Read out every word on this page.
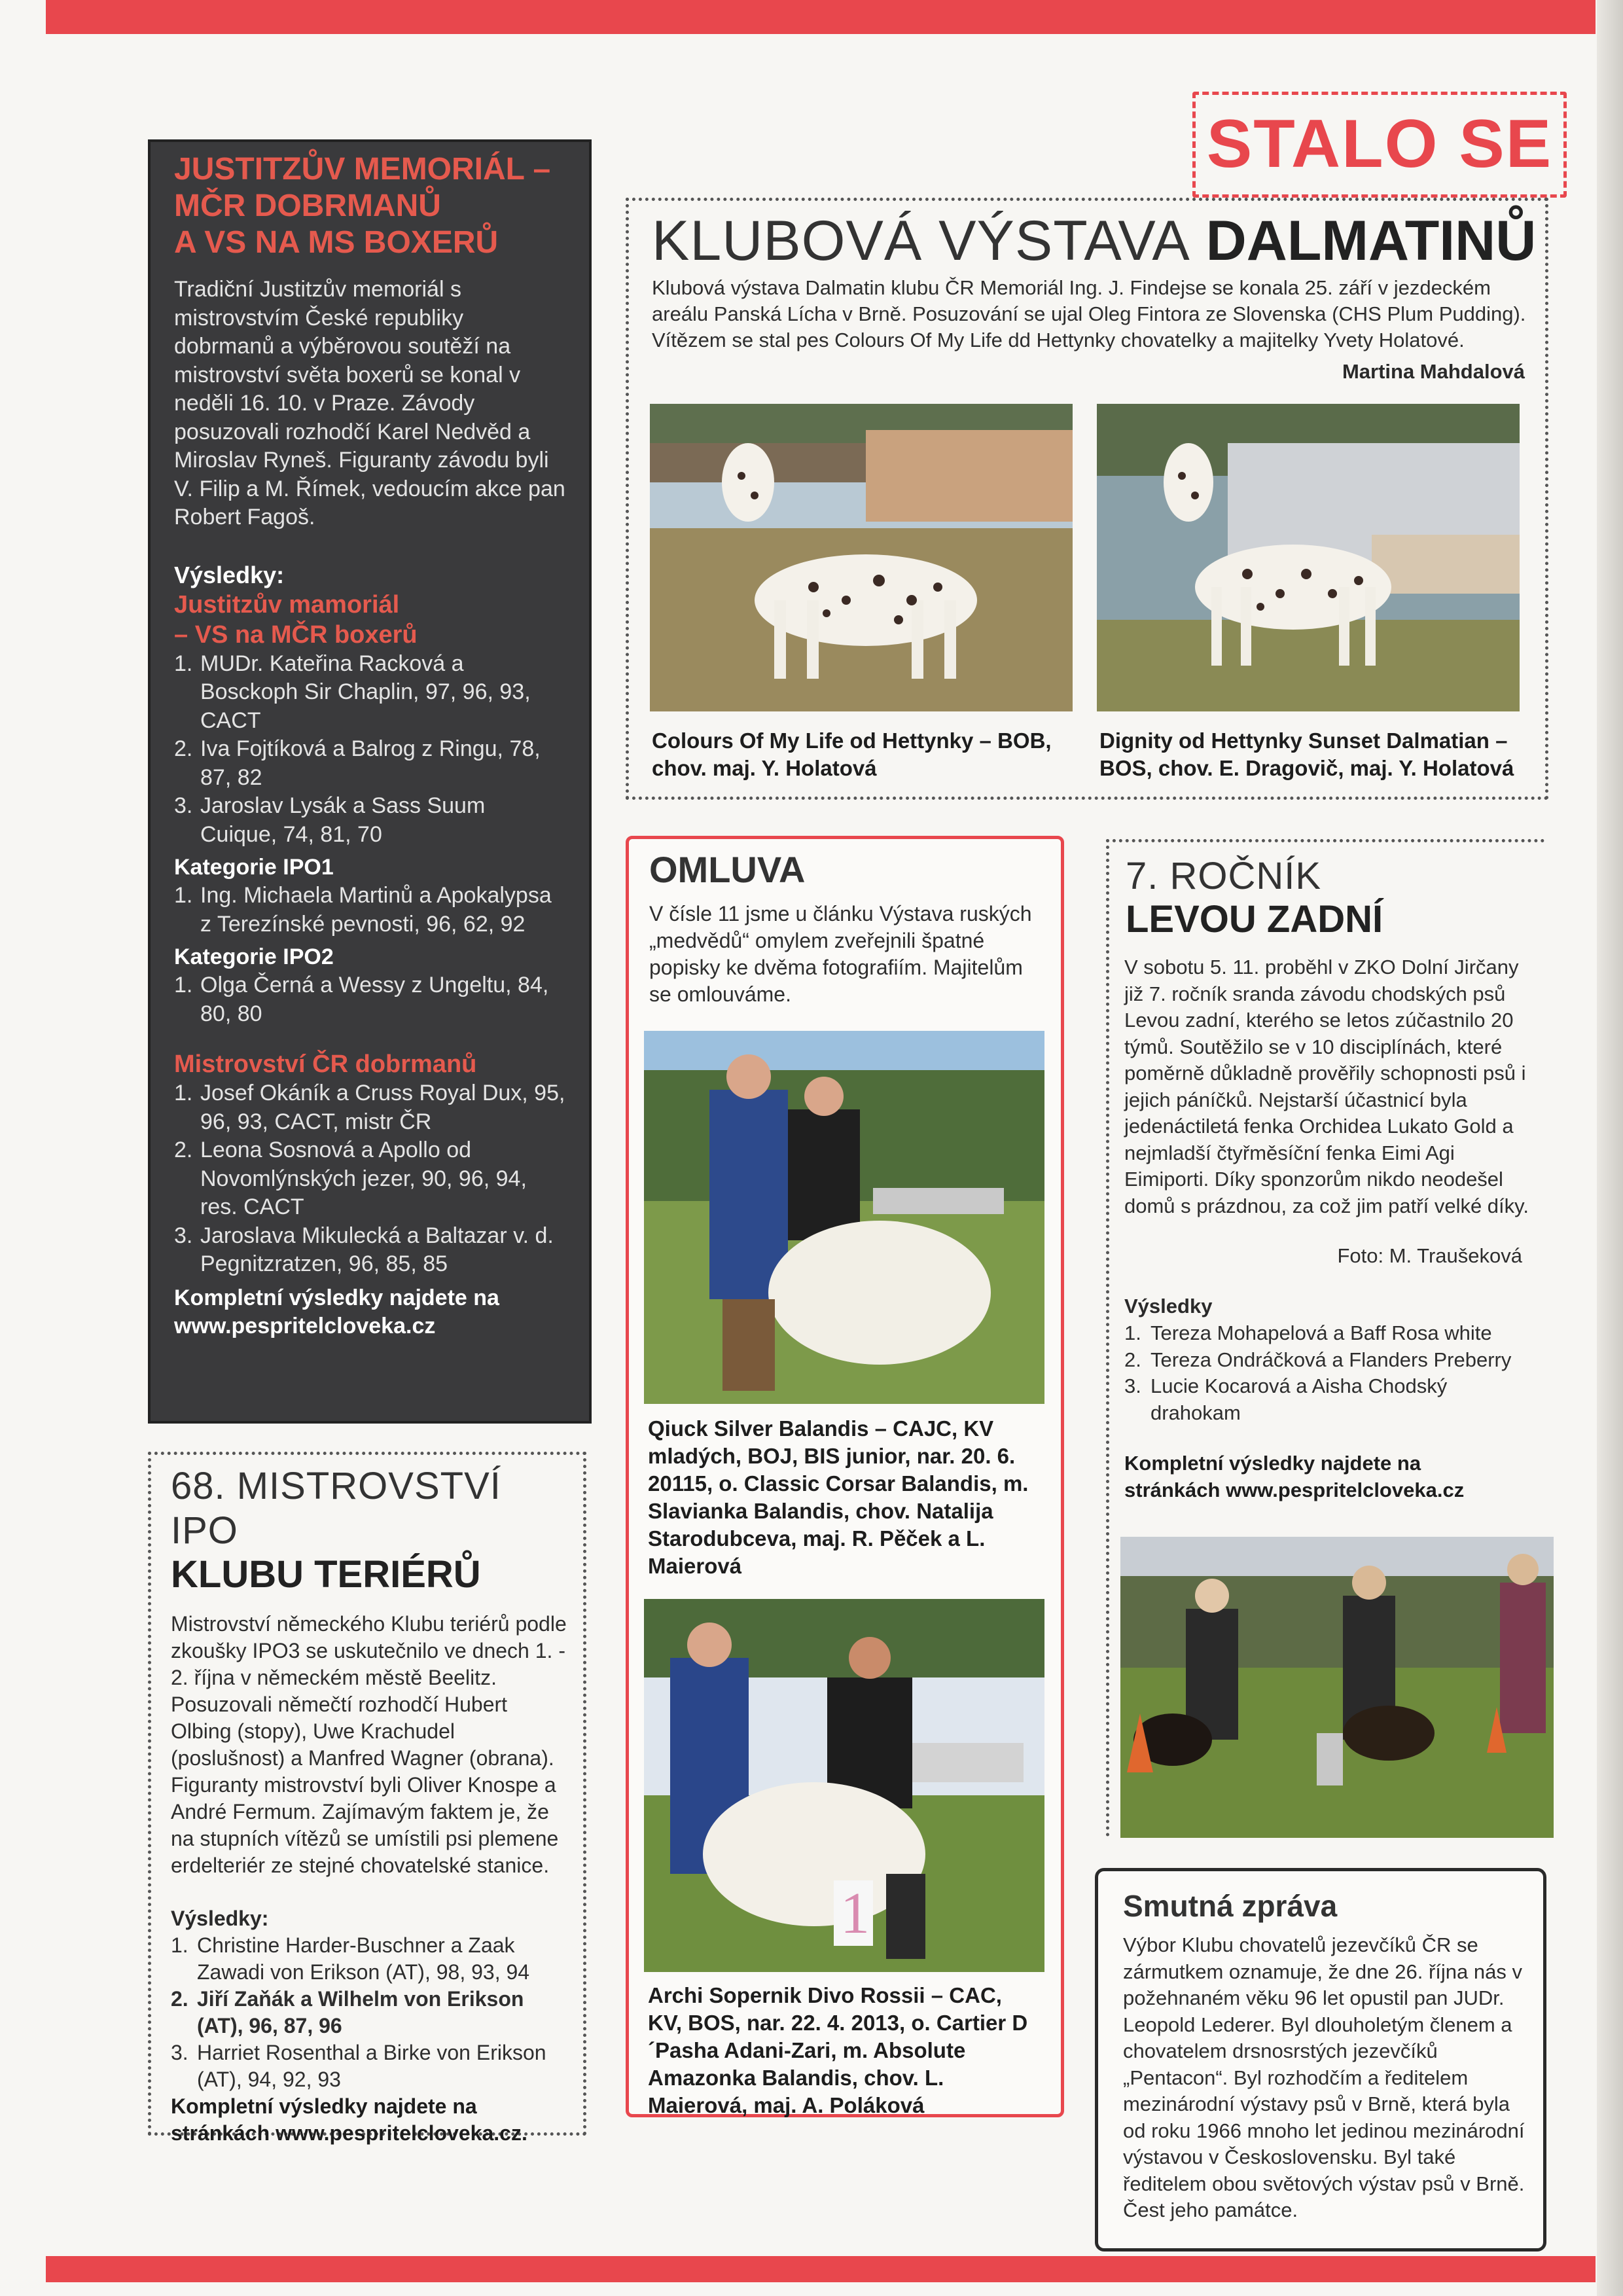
STALO SE
JUSTITZŮV MEMORIÁL –
MČR DOBRMANŮ
A VS NA MS BOXERŮ

Tradiční Justitzův memoriál s mistrovstvím České republiky dobrmanů a výběrovou soutěží na mistrovství světa boxerů se konal v neděli 16. 10. v Praze. Závody posuzovali rozhodčí Karel Nedvěd a Miroslav Ryneš. Figuranty závodu byli V. Filip a M. Římek, vedoucím akce pan Robert Fagoš.

Výsledky:
Justitzův mamoriál
– VS na MČR boxerů
1. MUDr. Kateřina Racková a Bosckoph Sir Chaplin, 97, 96, 93, CACT
2. Iva Fojtíková a Balrog z Ringu, 78, 87, 82
3. Jaroslav Lysák a Sass Suum Cuique, 74, 81, 70
Kategorie IPO1
1. Ing. Michaela Martinů a Apokalypsa z Terezínské pevnosti, 96, 62, 92
Kategorie IPO2
1. Olga Černá a Wessy z Ungeltu, 84, 80, 80
Mistrovství ČR dobrmanů
1. Josef Okáník a Cruss Royal Dux, 95, 96, 93, CACT, mistr ČR
2. Leona Sosnová a Apollo od Novomlýnských jezer, 90, 96, 94, res. CACT
3. Jaroslava Mikulecká a Baltazar v. d. Pegnitzratzen, 96, 85, 85

Kompletní výsledky najdete na www.pespritelcloveka.cz

68. MISTROVSTVÍ IPO
KLUBU TERIÉRŮ

Mistrovství německého Klubu teriérů podle zkoušky IPO3 se uskutečnilo ve dnech 1. - 2. října v německém městě Beelitz. Posuzovali němečtí rozhodčí Hubert Olbing (stopy), Uwe Krachudel (poslušnost) a Manfred Wagner (obrana). Figuranty mistrovství byli Oliver Knospe a André Fermum. Zajímavým faktem je, že na stupních vítězů se umístili psi plemene erdelteriér ze stejné chovatelské stanice.

Výsledky:
1. Christine Harder-Buschner a Zaak Zawadi von Erikson (AT), 98, 93, 94
2. Jiří Zaňák a Wilhelm von Erikson (AT), 96, 87, 96
3. Harriet Rosenthal a Birke von Erikson (AT), 94, 92, 93

Kompletní výsledky najdete na stránkách www.pespritelcloveka.cz.

KLUBOVÁ VÝSTAVA DALMATINŮ

Klubová výstava Dalmatin klubu ČR Memoriál Ing. J. Findejse se konala 25. září v jezdeckém areálu Panská Lícha v Brně. Posuzování se ujal Oleg Fintora ze Slovenska (CHS Plum Pudding). Vítězem se stal pes Colours Of My Life dd Hettynky chovatelky a majitelky Yvety Holatové.

Martina Mahdalová

Colours Of My Life od Hettynky – BOB, chov. maj. Y. Holatová

Dignity od Hettynky Sunset Dalmatian – BOS, chov. E. Dragovič, maj. Y. Holatová

OMLUVA

V čísle 11 jsme u článku Výstava ruských „medvědů“ omylem zveřejnili špatné popisky ke dvěma fotografiím. Majitelům se omlouváme.

Qiuck Silver Balandis – CAJC, KV mladých, BOJ, BIS junior, nar. 20. 6. 20115, o. Classic Corsar Balandis, m. Slavianka Balandis, chov. Natalija Starodubceva, maj. R. Pěček a L. Maierová

1

Archi Sopernik Divo Rossii – CAC, KV, BOS, nar. 22. 4. 2013, o. Cartier D´Pasha Adani-Zari, m. Absolute Amazonka Balandis, chov. L. Maierová, maj. A. Poláková

7. ROČNÍK
LEVOU ZADNÍ

V sobotu 5. 11. proběhl v ZKO Dolní Jirčany již 7. ročník sranda závodu chodských psů Levou zadní, kterého se letos zúčastnilo 20 týmů. Soutěžilo se v 10 disciplínách, které poměrně důkladně prověřily schopnosti psů i jejich páníčků. Nejstarší účastnicí byla jedenáctiletá fenka Orchidea Lukato Gold a nejmladší čtyřměsíční fenka Eimi Agi Eimiporti. Díky sponzorům nikdo neodešel domů s prázdnou, za což jim patří velké díky.

Foto: M. Traušeková
Výsledky
1. Tereza Mohapelová a Baff Rosa white
2. Tereza Ondráčková a Flanders Preberry
3. Lucie Kocarová a Aisha Chodský drahokam

Kompletní výsledky najdete na stránkách www.pespritelcloveka.cz

Smutná zpráva

Výbor Klubu chovatelů jezevčíků ČR se zármutkem oznamuje, že dne 26. října nás v požehnaném věku 96 let opustil pan JUDr. Leopold Lederer. Byl dlouholetým členem a chovatelem drsnosrstých jezevčíků „Pentacon“. Byl rozhodčím a ředitelem mezinárodní výstavy psů v Brně, která byla od roku 1966 mnoho let jedinou mezinárodní výstavou v Československu. Byl také ředitelem obou světových výstav psů v Brně. Čest jeho památce.
